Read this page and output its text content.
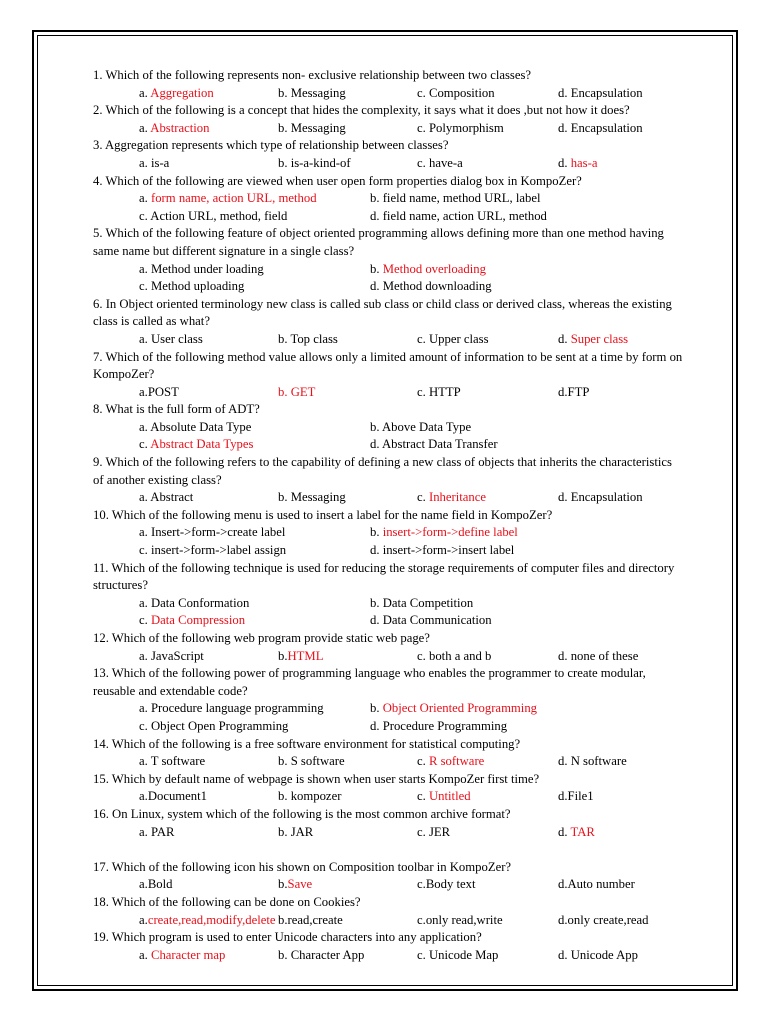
1. Which of the following represents non- exclusive relationship between two classes?
a. Aggregation	b. Messaging	c. Composition	d. Encapsulation
2. Which of the following is a concept that hides the complexity, it says what it does ,but not how it does?
a. Abstraction	b. Messaging	c. Polymorphism	d. Encapsulation
3. Aggregation represents which type of relationship between classes?
a. is-a	b. is-a-kind-of	c. have-a	d. has-a
4. Which of the following are viewed when user open form properties dialog box in KompoZer?
a. form name, action URL, method	b. field name, method URL, label
c. Action URL, method, field	d. field name, action URL, method
5. Which of the following feature of object oriented programming allows defining more than one method having same name but different signature in a single class?
a. Method under loading	b. Method overloading
c. Method uploading	d. Method downloading
6. In Object oriented terminology new class is called sub class or child class or derived class, whereas the existing class is called as what?
a. User class	b. Top class	c. Upper class	d. Super class
7. Which of the following method value allows only a limited amount of information to be sent at a time by form on KompoZer?
a.POST	b. GET	c. HTTP	d.FTP
8. What is the full form of ADT?
a. Absolute Data Type	b. Above Data Type
c. Abstract Data Types	d. Abstract Data Transfer
9. Which of the following refers to the capability of defining a new class of objects that inherits the characteristics of another existing class?
a. Abstract	b. Messaging	c. Inheritance	d. Encapsulation
10. Which of the following menu is used to insert a label for the name field in KompoZer?
a. Insert->form->create label	b. insert->form->define label
c. insert->form->label assign	d. insert->form->insert label
11. Which of the following technique is used for reducing the storage requirements of computer files and directory structures?
a. Data Conformation	b. Data Competition
c. Data Compression	d. Data Communication
12. Which of the following web program provide static web page?
a. JavaScript	b.HTML	c. both a and b	d. none of these
13. Which of the following power of programming language who enables the programmer to create modular, reusable and extendable code?
a. Procedure language programming	b. Object Oriented Programming
c. Object Open Programming	d. Procedure Programming
14. Which of the following is a free software environment for statistical computing?
a. T software	b. S software	c. R software	d. N software
15. Which by default name of webpage is shown when user starts KompoZer first time?
a.Document1	b. kompozer	c. Untitled	d.File1
16. On Linux, system which of the following is the most common archive format?
a. PAR	b. JAR	c. JER	d. TAR
17. Which of the following icon his shown on Composition toolbar in KompoZer?
a.Bold	b.Save	c.Body text	d.Auto number
18. Which of the following can be done on Cookies?
a.create,read,modify,delete b.read,create	c.only read,write	d.only create,read
19. Which program is used to enter Unicode characters into any application?
a. Character map	b. Character App	c. Unicode Map	d. Unicode App
